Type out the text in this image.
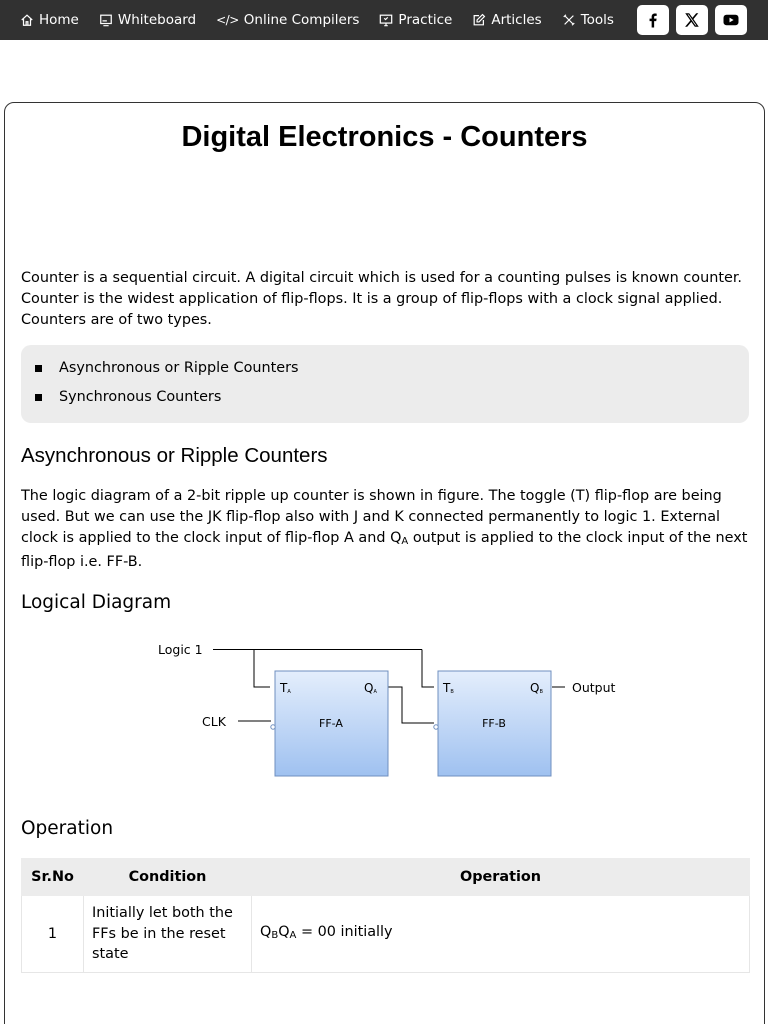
Home	Whiteboard </> Online Compilers	Practice	Articles	Tools
Digital Electronics - Counters
Counter is a sequential circuit. A digital circuit which is used for a counting pulses is known counter. Counter is the widest application of flip-flops. It is a group of flip-flops with a clock signal applied. Counters are of two types.
Asynchronous or Ripple Counters
Synchronous Counters
Asynchronous or Ripple Counters
The logic diagram of a 2-bit ripple up counter is shown in figure. The toggle (T) flip-flop are being used. But we can use the JK flip-flop also with J and K connected permanently to logic 1. External clock is applied to the clock input of flip-flop A and $Q_A$ output is applied to the clock input of the next flip-flop i.e. FF-B.
Logical Diagram
Logic 1
CLK
Output
FF-A	FF-B
TA	QA	TB	QB
Operation
Sr.No	Condition	Operation
1	Initially let both the FFs be in the reset state	$Q_BQ_A = 00$ initially
